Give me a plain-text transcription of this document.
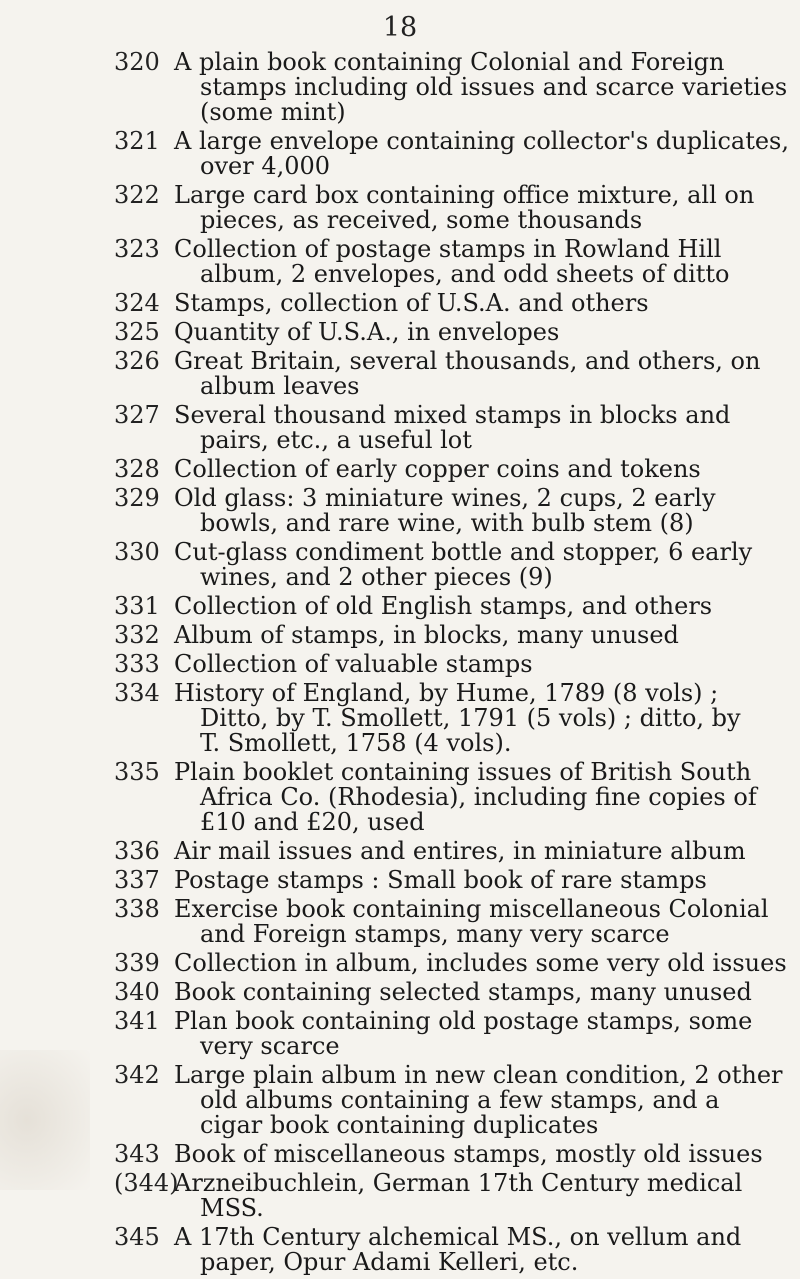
18
320 A plain book containing Colonial and Foreign
stamps including old issues and scarce varieties
(some mint)
321 A large envelope containing collector's duplicates,
over 4,000
322 Large card box containing office mixture, all on
pieces, as received, some thousands
323 Collection of postage stamps in Rowland Hill
album, 2 envelopes, and odd sheets of ditto
324 Stamps, collection of U.S.A. and others
325 Quantity of U.S.A., in envelopes
326 Great Britain, several thousands, and others, on
album leaves
327 Several thousand mixed stamps in blocks and
pairs, etc., a useful lot
328 Collection of early copper coins and tokens
329 Old glass: 3 miniature wines, 2 cups, 2 early
bowls, and rare wine, with bulb stem (8)
330 Cut-glass condiment bottle and stopper, 6 early
wines, and 2 other pieces (9)
331 Collection of old English stamps, and others
332 Album of stamps, in blocks, many unused
333 Collection of valuable stamps
334 History of England, by Hume, 1789 (8 vols) ;
Ditto, by T. Smollett, 1791 (5 vols) ; ditto, by
T. Smollett, 1758 (4 vols).
335 Plain booklet containing issues of British South
Africa Co. (Rhodesia), including fine copies of
£10 and £20, used
336 Air mail issues and entires, in miniature album
337 Postage stamps : Small book of rare stamps
338 Exercise book containing miscellaneous Colonial
and Foreign stamps, many very scarce
339 Collection in album, includes some very old issues
340 Book containing selected stamps, many unused
341 Plan book containing old postage stamps, some
very scarce
342 Large plain album in new clean condition, 2 other
old albums containing a few stamps, and a
cigar book containing duplicates
343 Book of miscellaneous stamps, mostly old issues
(344)
Arzneibuchlein, German 17th Century medical
MSS.
345 A 17th Century alchemical MS., on vellum and
paper, Opur Adami Kelleri, etc.
